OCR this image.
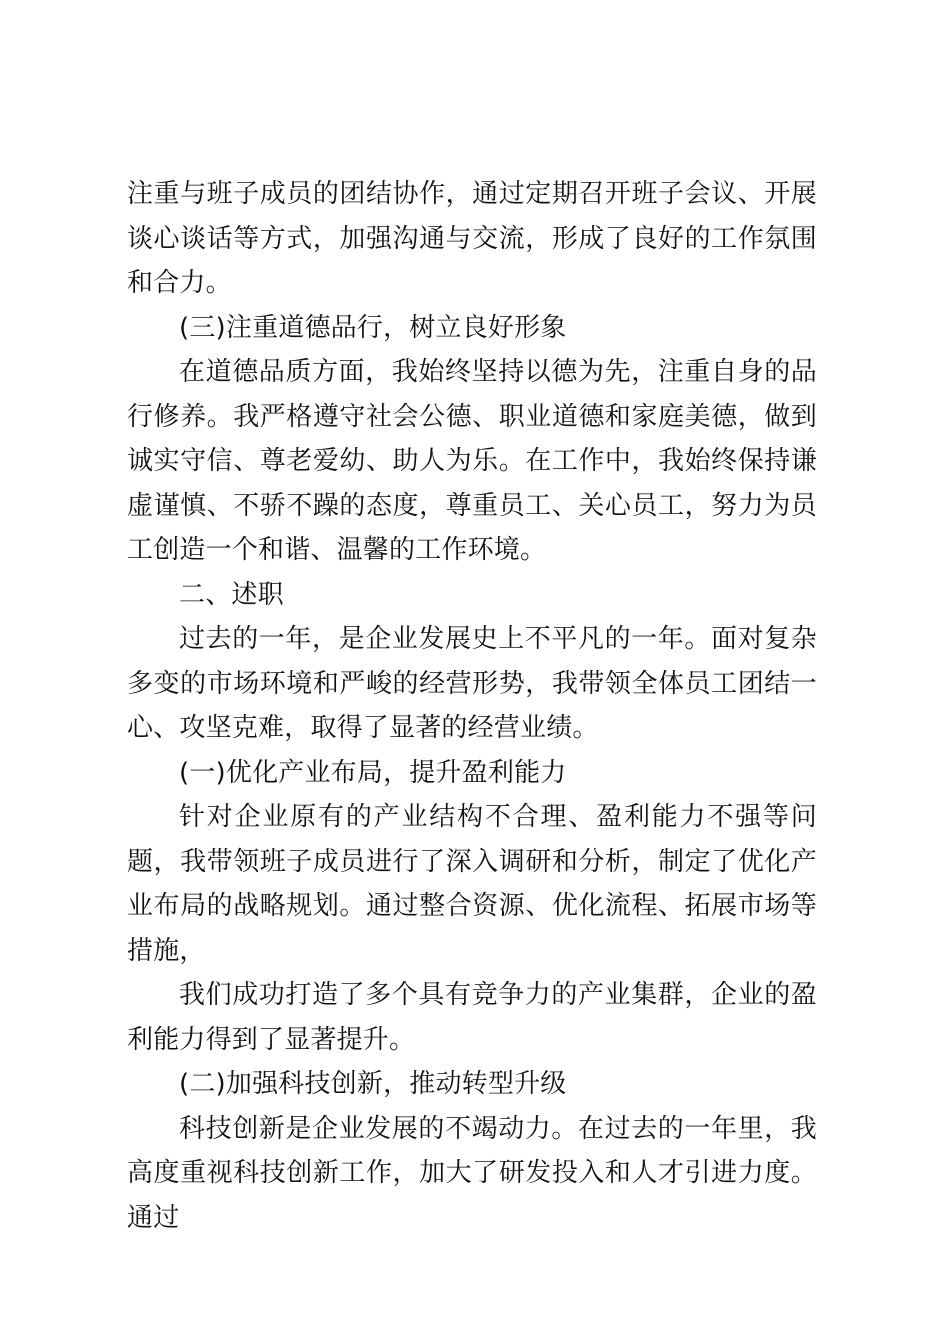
注重与班子成员的团结协作，通过定期召开班子会议、开展谈心谈话等方式，加强沟通与交流，形成了良好的工作氛围和合力。

(三)注重道德品行，树立良好形象

在道德品质方面，我始终坚持以德为先，注重自身的品行修养。我严格遵守社会公德、职业道德和家庭美德，做到诚实守信、尊老爱幼、助人为乐。在工作中，我始终保持谦虚谨慎、不骄不躁的态度，尊重员工、关心员工，努力为员工创造一个和谐、温馨的工作环境。

二、述职

过去的一年，是企业发展史上不平凡的一年。面对复杂多变的市场环境和严峻的经营形势，我带领全体员工团结一心、攻坚克难，取得了显著的经营业绩。

(一)优化产业布局，提升盈利能力

针对企业原有的产业结构不合理、盈利能力不强等问题，我带领班子成员进行了深入调研和分析，制定了优化产业布局的战略规划。通过整合资源、优化流程、拓展市场等措施，

我们成功打造了多个具有竞争力的产业集群，企业的盈利能力得到了显著提升。

(二)加强科技创新，推动转型升级

科技创新是企业发展的不竭动力。在过去的一年里，我高度重视科技创新工作，加大了研发投入和人才引进力度。通过
